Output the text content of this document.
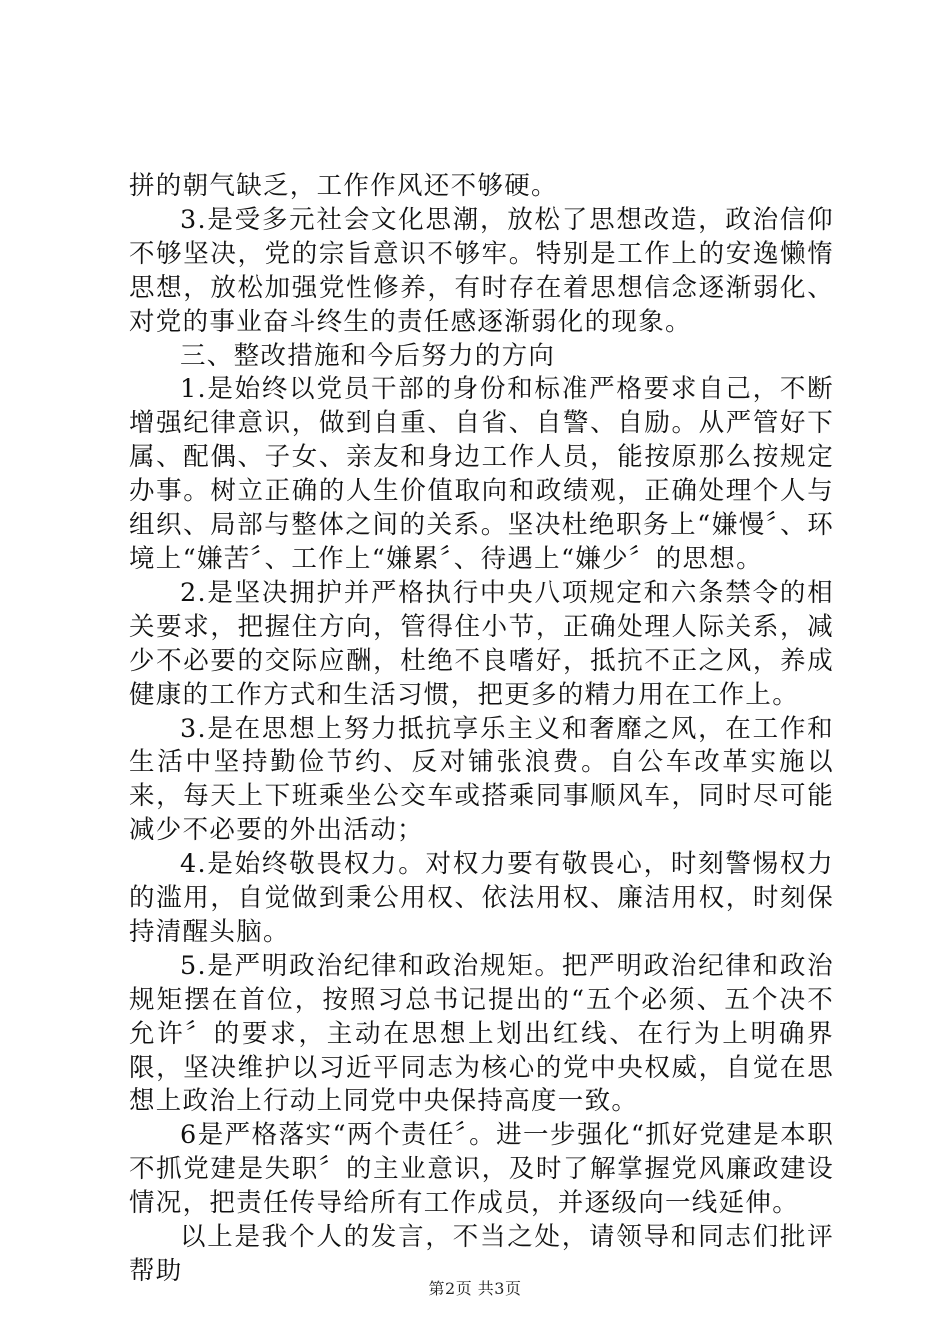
拼的朝气缺乏，工作作风还不够硬。

3.是受多元社会文化思潮，放松了思想改造，政治信仰不够坚决，党的宗旨意识不够牢。特别是工作上的安逸懒惰思想，放松加强党性修养，有时存在着思想信念逐渐弱化、对党的事业奋斗终生的责任感逐渐弱化的现象。

三、整改措施和今后努力的方向

1.是始终以党员干部的身份和标准严格要求自己，不断增强纪律意识，做到自重、自省、自警、自励。从严管好下属、配偶、子女、亲友和身边工作人员，能按原那么按规定办事。树立正确的人生价值取向和政绩观，正确处理个人与组织、局部与整体之间的关系。坚决杜绝职务上“嫌慢〞、环境上“嫌苦〞、工作上“嫌累〞、待遇上“嫌少〞的思想。

2.是坚决拥护并严格执行中央八项规定和六条禁令的相关要求，把握住方向，管得住小节，正确处理人际关系，减少不必要的交际应酬，杜绝不良嗜好，抵抗不正之风，养成健康的工作方式和生活习惯，把更多的精力用在工作上。

3.是在思想上努力抵抗享乐主义和奢靡之风，在工作和生活中坚持勤俭节约、反对铺张浪费。自公车改革实施以来，每天上下班乘坐公交车或搭乘同事顺风车，同时尽可能减少不必要的外出活动；

4.是始终敬畏权力。对权力要有敬畏心，时刻警惕权力的滥用，自觉做到秉公用权、依法用权、廉洁用权，时刻保持清醒头脑。

5.是严明政治纪律和政治规矩。把严明政治纪律和政治规矩摆在首位，按照习总书记提出的“五个必须、五个决不允许〞的要求，主动在思想上划出红线、在行为上明确界限，坚决维护以习近平同志为核心的党中央权威，自觉在思想上政治上行动上同党中央保持高度一致。

6是严格落实“两个责任〞。进一步强化“抓好党建是本职不抓党建是失职〞的主业意识，及时了解掌握党风廉政建设情况，把责任传导给所有工作成员，并逐级向一线延伸。

以上是我个人的发言，不当之处，请领导和同志们批评帮助

第2页 共3页
